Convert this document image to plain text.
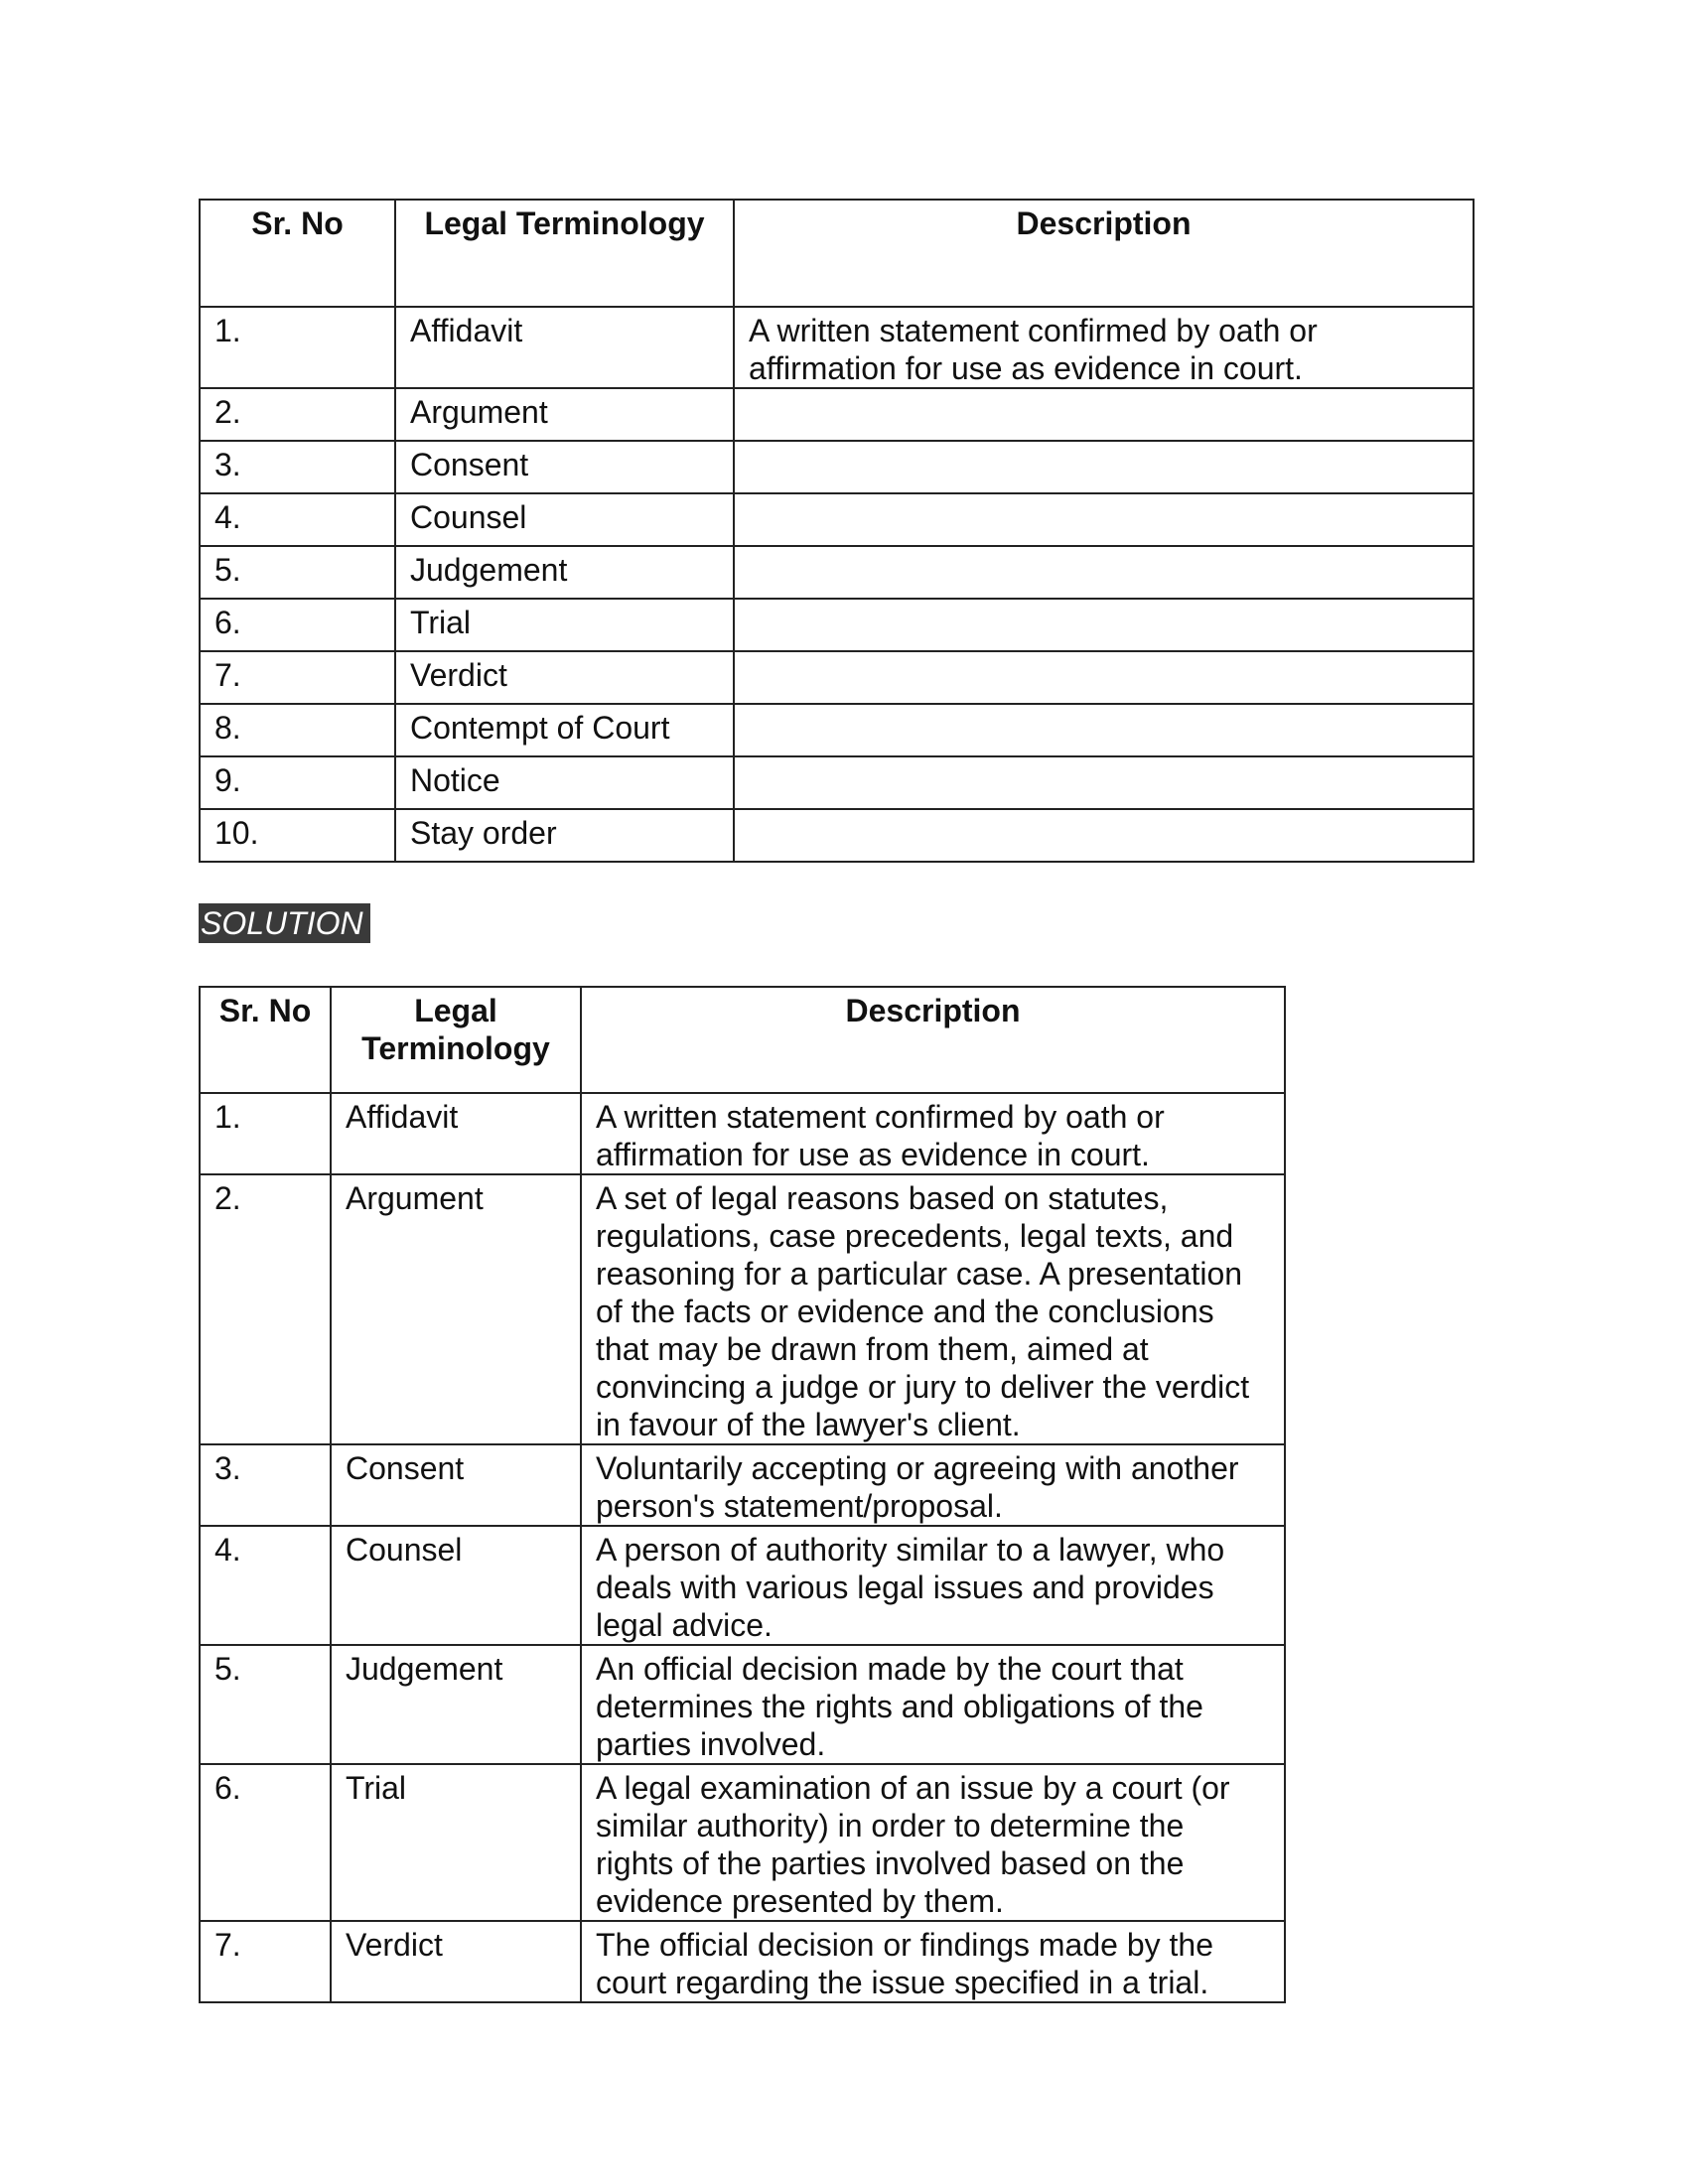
Sr. No	Legal Terminology	Description
1.	Affidavit	A written statement confirmed by oath or affirmation for use as evidence in court.
2.	Argument	
3.	Consent	
4.	Counsel	
5.	Judgement	
6.	Trial	
7.	Verdict	
8.	Contempt of Court	
9.	Notice	
10.	Stay order	
SOLUTION
Sr. No	Legal Terminology	Description
1.	Affidavit	A written statement confirmed by oath or affirmation for use as evidence in court.
2.	Argument	A set of legal reasons based on statutes, regulations, case precedents, legal texts, and reasoning for a particular case. A presentation of the facts or evidence and the conclusions that may be drawn from them, aimed at convincing a judge or jury to deliver the verdict in favour of the lawyer's client.
3.	Consent	Voluntarily accepting or agreeing with another person's statement/proposal.
4.	Counsel	A person of authority similar to a lawyer, who deals with various legal issues and provides legal advice.
5.	Judgement	An official decision made by the court that determines the rights and obligations of the parties involved.
6.	Trial	A legal examination of an issue by a court (or similar authority) in order to determine the rights of the parties involved based on the evidence presented by them.
7.	Verdict	The official decision or findings made by the court regarding the issue specified in a trial.
